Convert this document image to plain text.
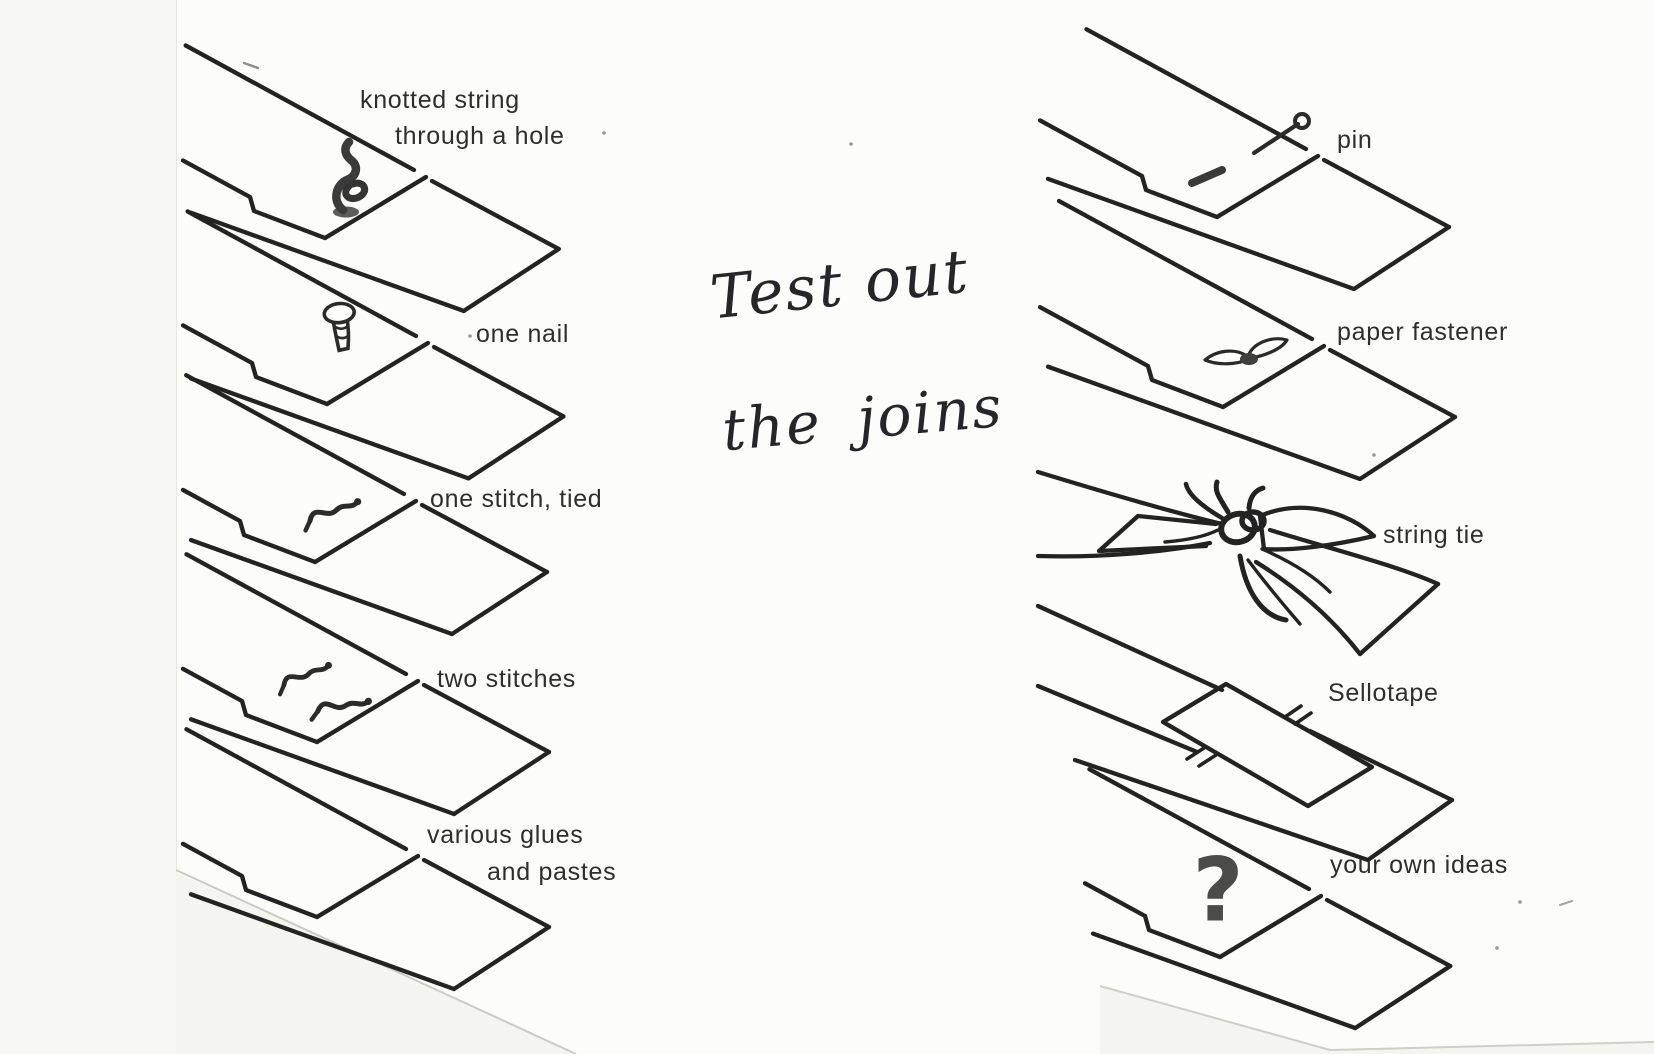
?
knotted string
through a hole
one nail
one stitch, tied
two stitches
various glues
and pastes
pin
paper fastener
string tie
Sellotape
your own ideas
Test out
the joins
